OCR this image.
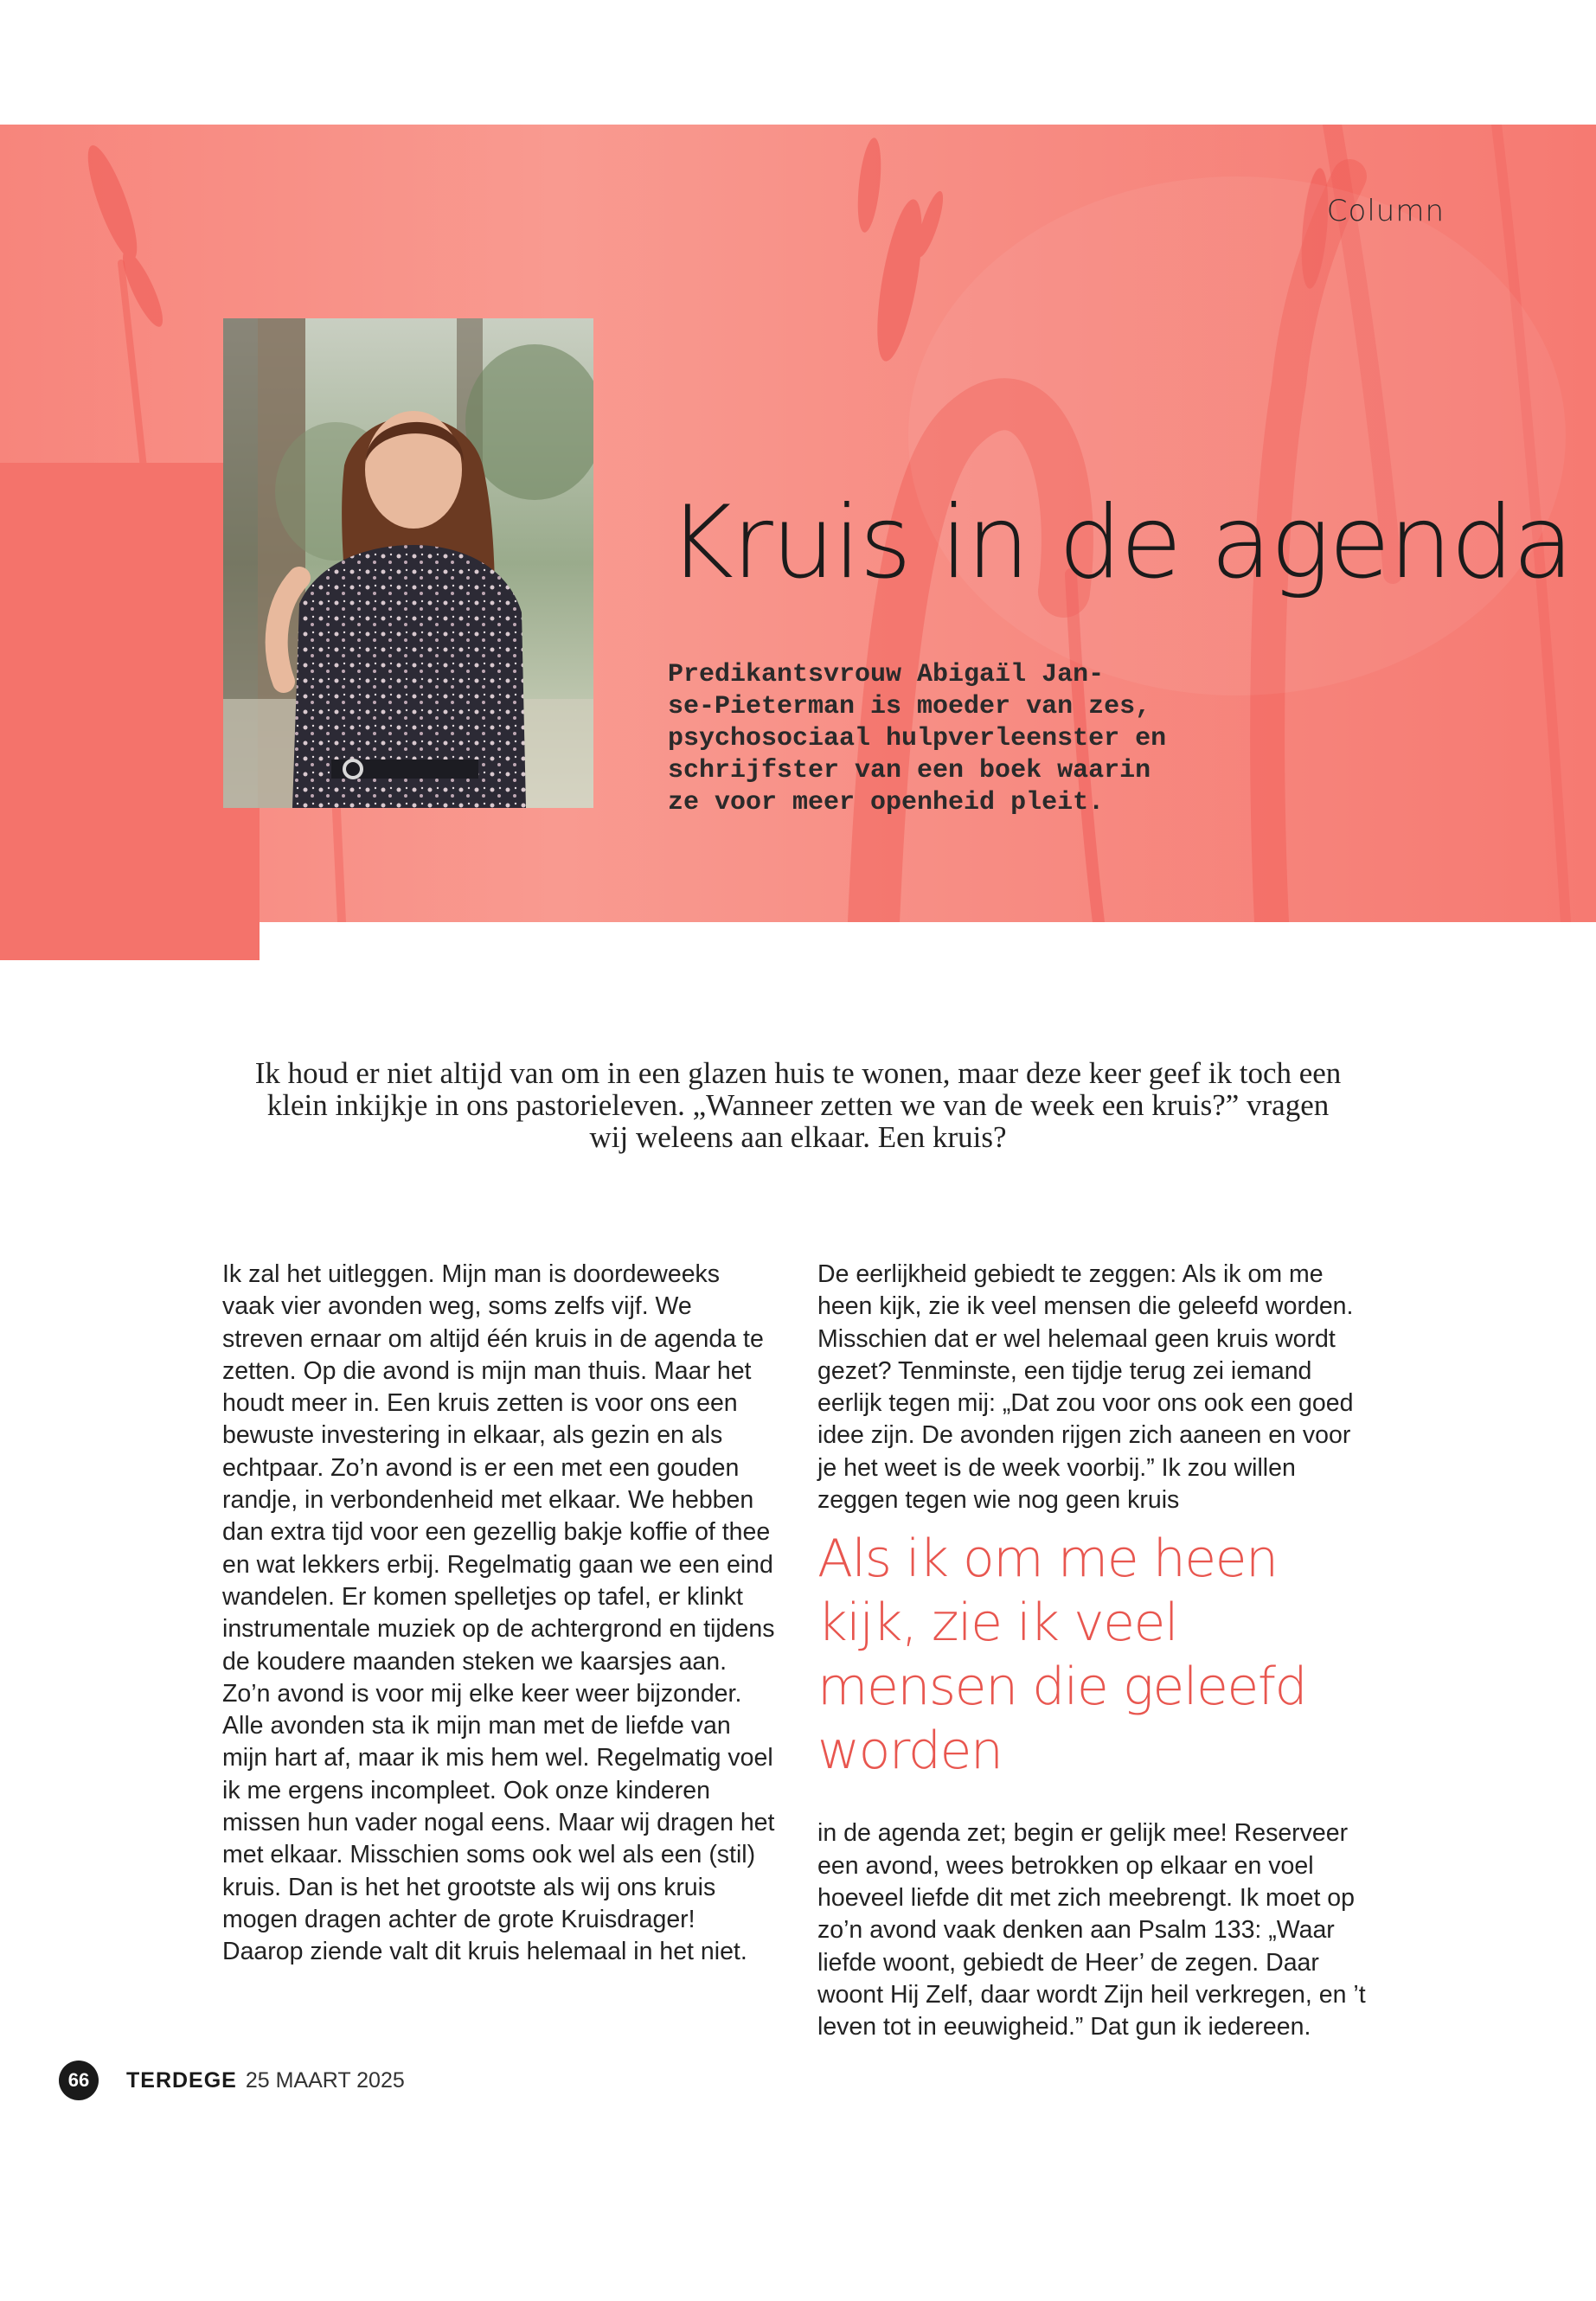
Column
Kruis in de agenda

Predikantsvrouw Abigaïl Jan-
se-Pieterman is moeder van zes,
psychosociaal hulpverleenster en
schrijfster van een boek waarin
ze voor meer openheid pleit.

Ik houd er niet altijd van om in een glazen huis te wonen, maar deze keer geef ik toch een klein inkijkje in ons pastorieleven. „Wanneer zetten we van de week een kruis?” vragen wij weleens aan elkaar. Een kruis?

Ik zal het uitleggen. Mijn man is doordeweeks vaak vier avonden weg, soms zelfs vijf. We streven ernaar om altijd één kruis in de agenda te zetten. Op die avond is mijn man thuis. Maar het houdt meer in. Een kruis zetten is voor ons een bewuste investering in elkaar, als gezin en als echtpaar. Zo’n avond is er een met een gouden randje, in verbondenheid met elkaar. We hebben dan extra tijd voor een gezellig bakje koffie of thee en wat lekkers erbij. Regelmatig gaan we een eind wandelen. Er komen spelletjes op tafel, er klinkt instrumentale muziek op de achtergrond en tijdens de koudere maanden steken we kaarsjes aan.

Zo’n avond is voor mij elke keer weer bijzonder. Alle avonden sta ik mijn man met de liefde van mijn hart af, maar ik mis hem wel. Regelmatig voel ik me ergens incompleet. Ook onze kinderen missen hun vader nogal eens. Maar wij dragen het met elkaar. Misschien soms ook wel als een (stil) kruis. Dan is het het grootste als wij ons kruis mogen dragen achter de grote Kruisdrager! Daarop ziende valt dit kruis helemaal in het niet.

De eerlijkheid gebiedt te zeggen: Als ik om me heen kijk, zie ik veel mensen die geleefd worden. Misschien dat er wel helemaal geen kruis wordt gezet? Tenminste, een tijdje terug zei iemand eerlijk tegen mij: „Dat zou voor ons ook een goed idee zijn. De avonden rijgen zich aaneen en voor je het weet is de week voorbij.” Ik zou willen zeggen tegen wie nog geen kruis

Als ik om me heen kijk, zie ik veel mensen die geleefd worden

in de agenda zet; begin er gelijk mee! Reserveer een avond, wees betrokken op elkaar en voel hoeveel liefde dit met zich meebrengt. Ik moet op zo’n avond vaak denken aan Psalm 133: „Waar liefde woont, gebiedt de Heer’ de zegen. Daar woont Hij Zelf, daar wordt Zijn heil verkregen, en ’t leven tot in eeuwigheid.” Dat gun ik iedereen.

66	TERDEGE 25 MAART 2025
